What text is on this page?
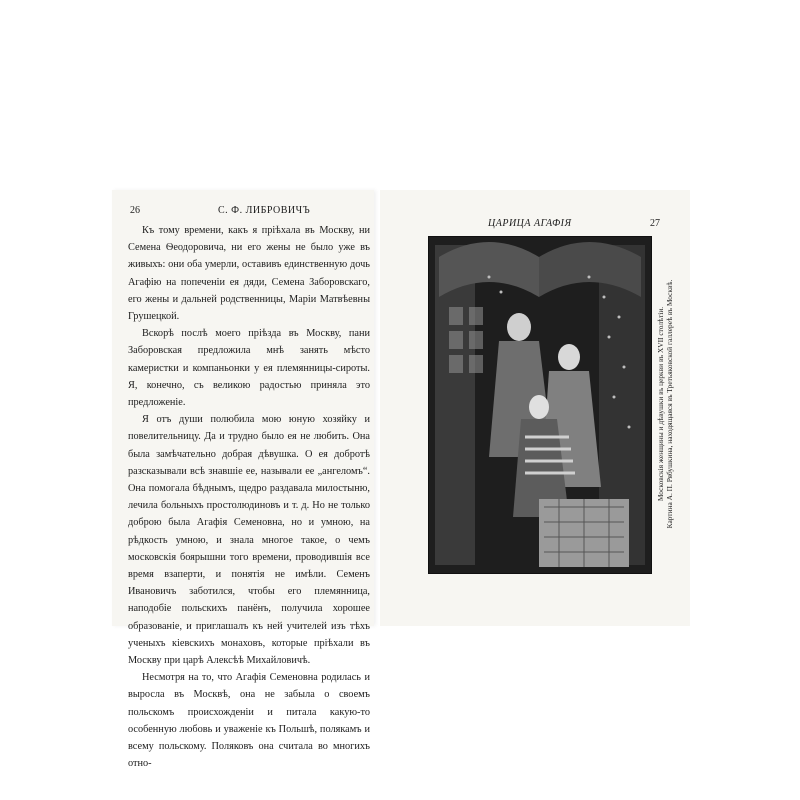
26	С. Ф. ЛИБРОВИЧЪ

Къ тому времени, какъ я пріѣхала въ Москву, ни Семена Ѳеодоровича, ни его жены не было уже въ живыхъ: они оба умерли, оставивъ единственную дочь Агафію на попеченіи ея дяди, Семена Заборовскаго, его жены и дальней родственницы, Маріи Матвѣевны Грушецкой.

Вскорѣ послѣ моего пріѣзда въ Москву, пани Заборовская предложила мнѣ занять мѣсто камеристки и компаньонки у ея племянницы-сироты. Я, конечно, съ великою радостью приняла это предложеніе.

Я отъ души полюбила мою юную хозяйку и повелительницу. Да и трудно было ея не любить. Она была замѣчательно добрая дѣвушка. О ея добротѣ разсказывали всѣ знавшіе ее, называли ее „ангеломъ“. Она помогала бѣднымъ, щедро раздавала милостыню, лечила больныхъ простолюдиновъ и т. д. Но не только доброю была Агафія Семеновна, но и умною, на рѣдкость умною, и знала многое такое, о чемъ московскія боярышни того времени, проводившія все время взаперти, и понятія не имѣли. Семенъ Ивановичъ заботился, чтобы его племянница, наподобіе польскихъ панёнъ, получила хорошее образованіе, и приглашалъ къ ней учителей изъ тѣхъ ученыхъ кіевскихъ монаховъ, которые пріѣхали въ Москву при царѣ Алексѣѣ Михайловичѣ.

Несмотря на то, что Агафія Семеновна родилась и выросла въ Москвѣ, она не забыла о своемъ польскомъ происхожденіи и питала какую-то особенную любовь и уваженіе къ Польшѣ, полякамъ и всему польскому. Поляковъ она считала во многихъ отно-

ЦАРИЦА АГАФІЯ	27
Московскія женщины и дѣвушки въ церкви въ XVII столѣтіи. Картина А. П. Рябушкина, находящаяся въ Третьяковской галлереѣ въ Москвѣ.
